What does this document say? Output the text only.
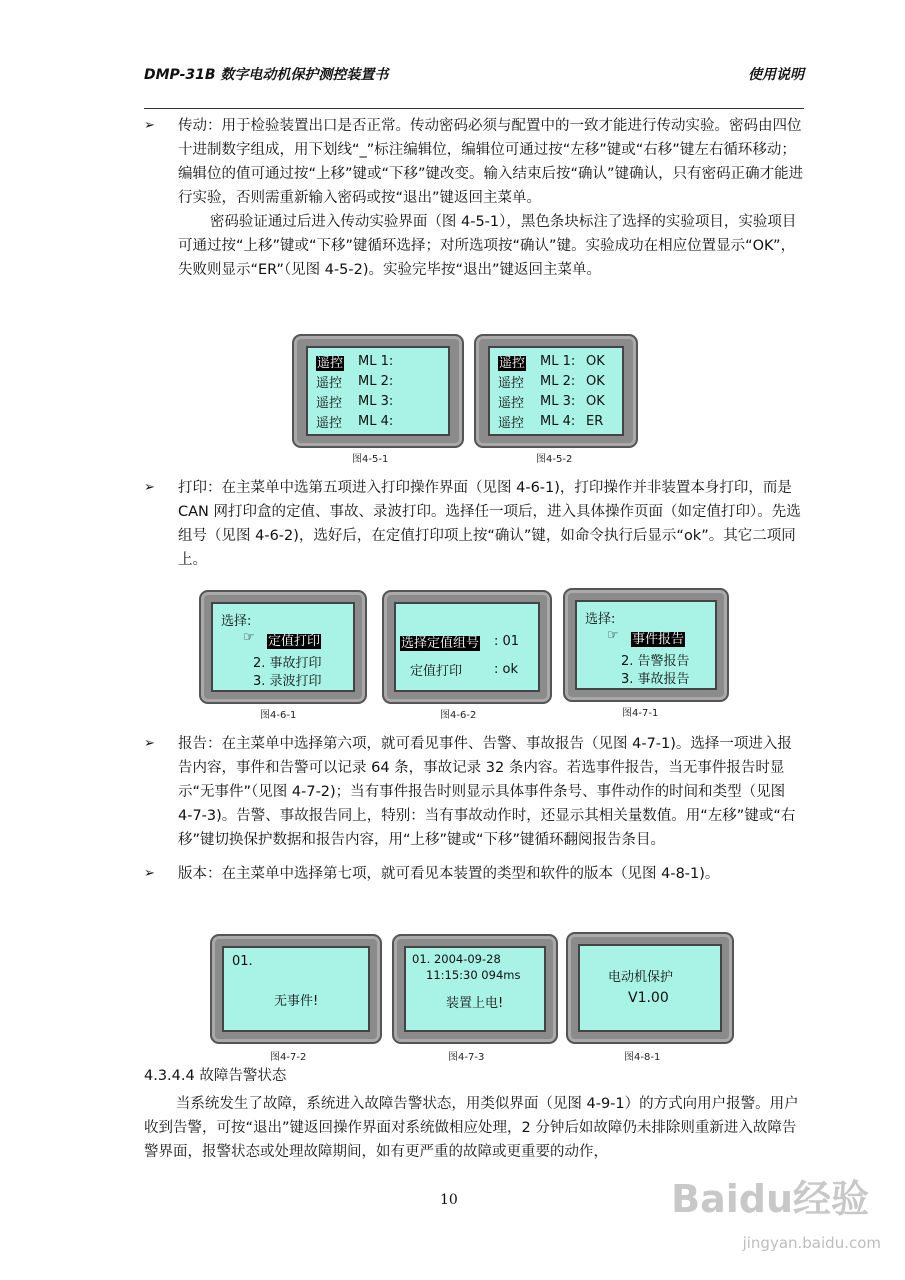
DMP-31B 数字电动机保护测控装置书	使用说明
➢ 传动：用于检验装置出口是否正常。传动密码必须与配置中的一致才能进行传动实验。密码由四位十进制数字组成，用下划线“_”标注编辑位，编辑位可通过按“左移”键或“右移”键左右循环移动；编辑位的值可通过按“上移”键或“下移”键改变。输入结束后按“确认”键确认，只有密码正确才能进行实验，否则需重新输入密码或按“退出”键返回主菜单。
密码验证通过后进入传动实验界面（图 4-5-1），黑色条块标注了选择的实验项目，实验项目可通过按“上移”键或“下移”键循环选择；对所选项按“确认”键。实验成功在相应位置显示“OK”，失败则显示“ER”（见图 4-5-2)。实验完毕按“退出”键返回主菜单。
遥控 ML 1:
遥控 ML 2:
遥控 ML 3:
遥控 ML 4:
图4-5-1
遥控 ML 1: OK
遥控 ML 2: OK
遥控 ML 3: OK
遥控 ML 4: ER
图4-5-2
➢ 打印：在主菜单中选第五项进入打印操作界面（见图 4-6-1)，打印操作并非装置本身打印，而是 CAN 网打印盒的定值、事故、录波打印。选择任一项后，进入具体操作页面（如定值打印）。先选组号（见图 4-6-2)，选好后，在定值打印项上按“确认”键，如命令执行后显示“ok”。其它二项同上。
选择:
☞ 定值打印
2. 事故打印
3. 录波打印
图4-6-1
选择定值组号 : 01
定值打印 : ok
图4-6-2
选择:
☞ 事件报告
2. 告警报告
3. 事故报告
图4-7-1
➢ 报告：在主菜单中选择第六项，就可看见事件、告警、事故报告（见图 4-7-1)。选择一项进入报告内容，事件和告警可以记录 64 条，事故记录 32 条内容。若选事件报告，当无事件报告时显示“无事件”（见图 4-7-2)；当有事件报告时则显示具体事件条号、事件动作的时间和类型（见图 4-7-3)。告警、事故报告同上，特别：当有事故动作时，还显示其相关量数值。用“左移”键或“右移”键切换保护数据和报告内容，用“上移”键或“下移”键循环翻阅报告条目。
➢ 版本：在主菜单中选择第七项，就可看见本装置的类型和软件的版本（见图 4-8-1)。
01.
无事件!
图4-7-2
01. 2004-09-28
11:15:30 094ms
装置上电!
图4-7-3
电动机保护
V1.00
图4-8-1
4.3.4.4 故障告警状态
当系统发生了故障，系统进入故障告警状态，用类似界面（见图 4-9-1）的方式向用户报警。用户收到告警，可按“退出”键返回操作界面对系统做相应处理，2 分钟后如故障仍未排除则重新进入故障告警界面，报警状态或处理故障期间，如有更严重的故障或更重要的动作，
10	Baidu经验
jingyan.baidu.com
